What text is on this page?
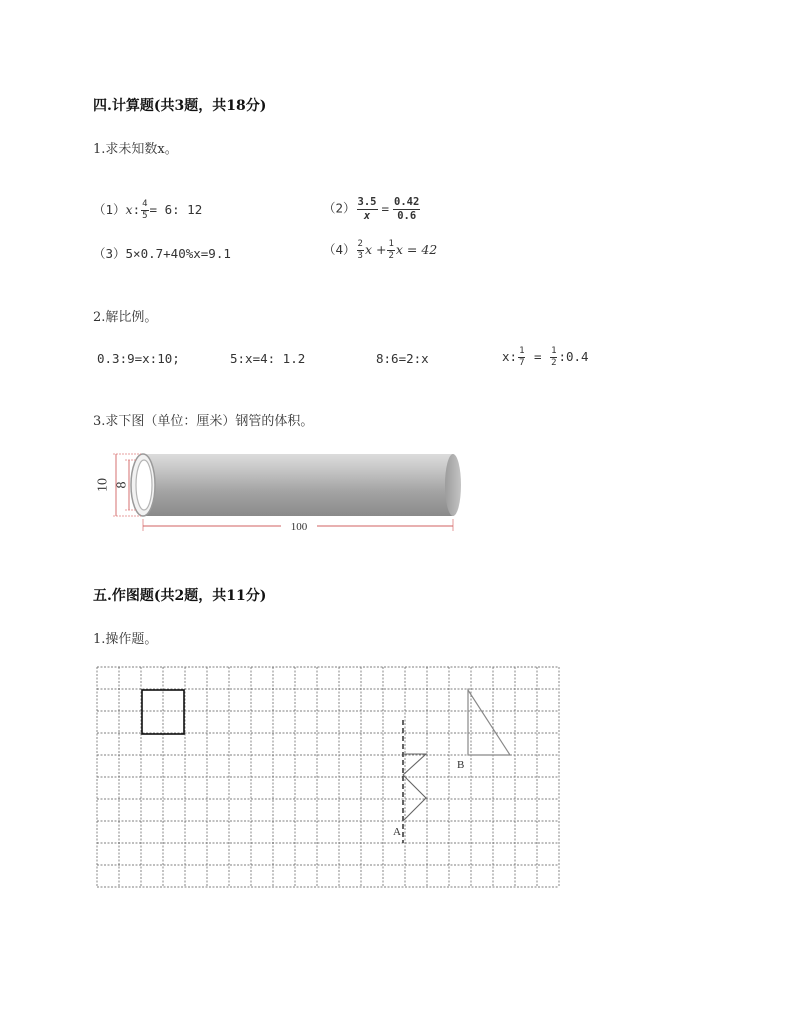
四.计算题(共3题，共18分)
1.求未知数x。
（1）x: $\frac{4}{5} = 6$: 12	$(2) \frac{3.5}{x} = \frac{0.42}{0.6}$
（3）5×0.7+40%x=9.1	$(4) \frac{2}{3}$ $x + \frac{1}{2}$ x = 42
2.解比例。
0.3:9=x:10;	5:x=4: 1.2	8:6=2:x	x: $\frac{1}{7} = \frac{1}{2}$ :0.4
3.求下图（单位：厘米）钢管的体积。
10 8
100
五.作图题(共2题，共11分)
1.操作题。
A
B
